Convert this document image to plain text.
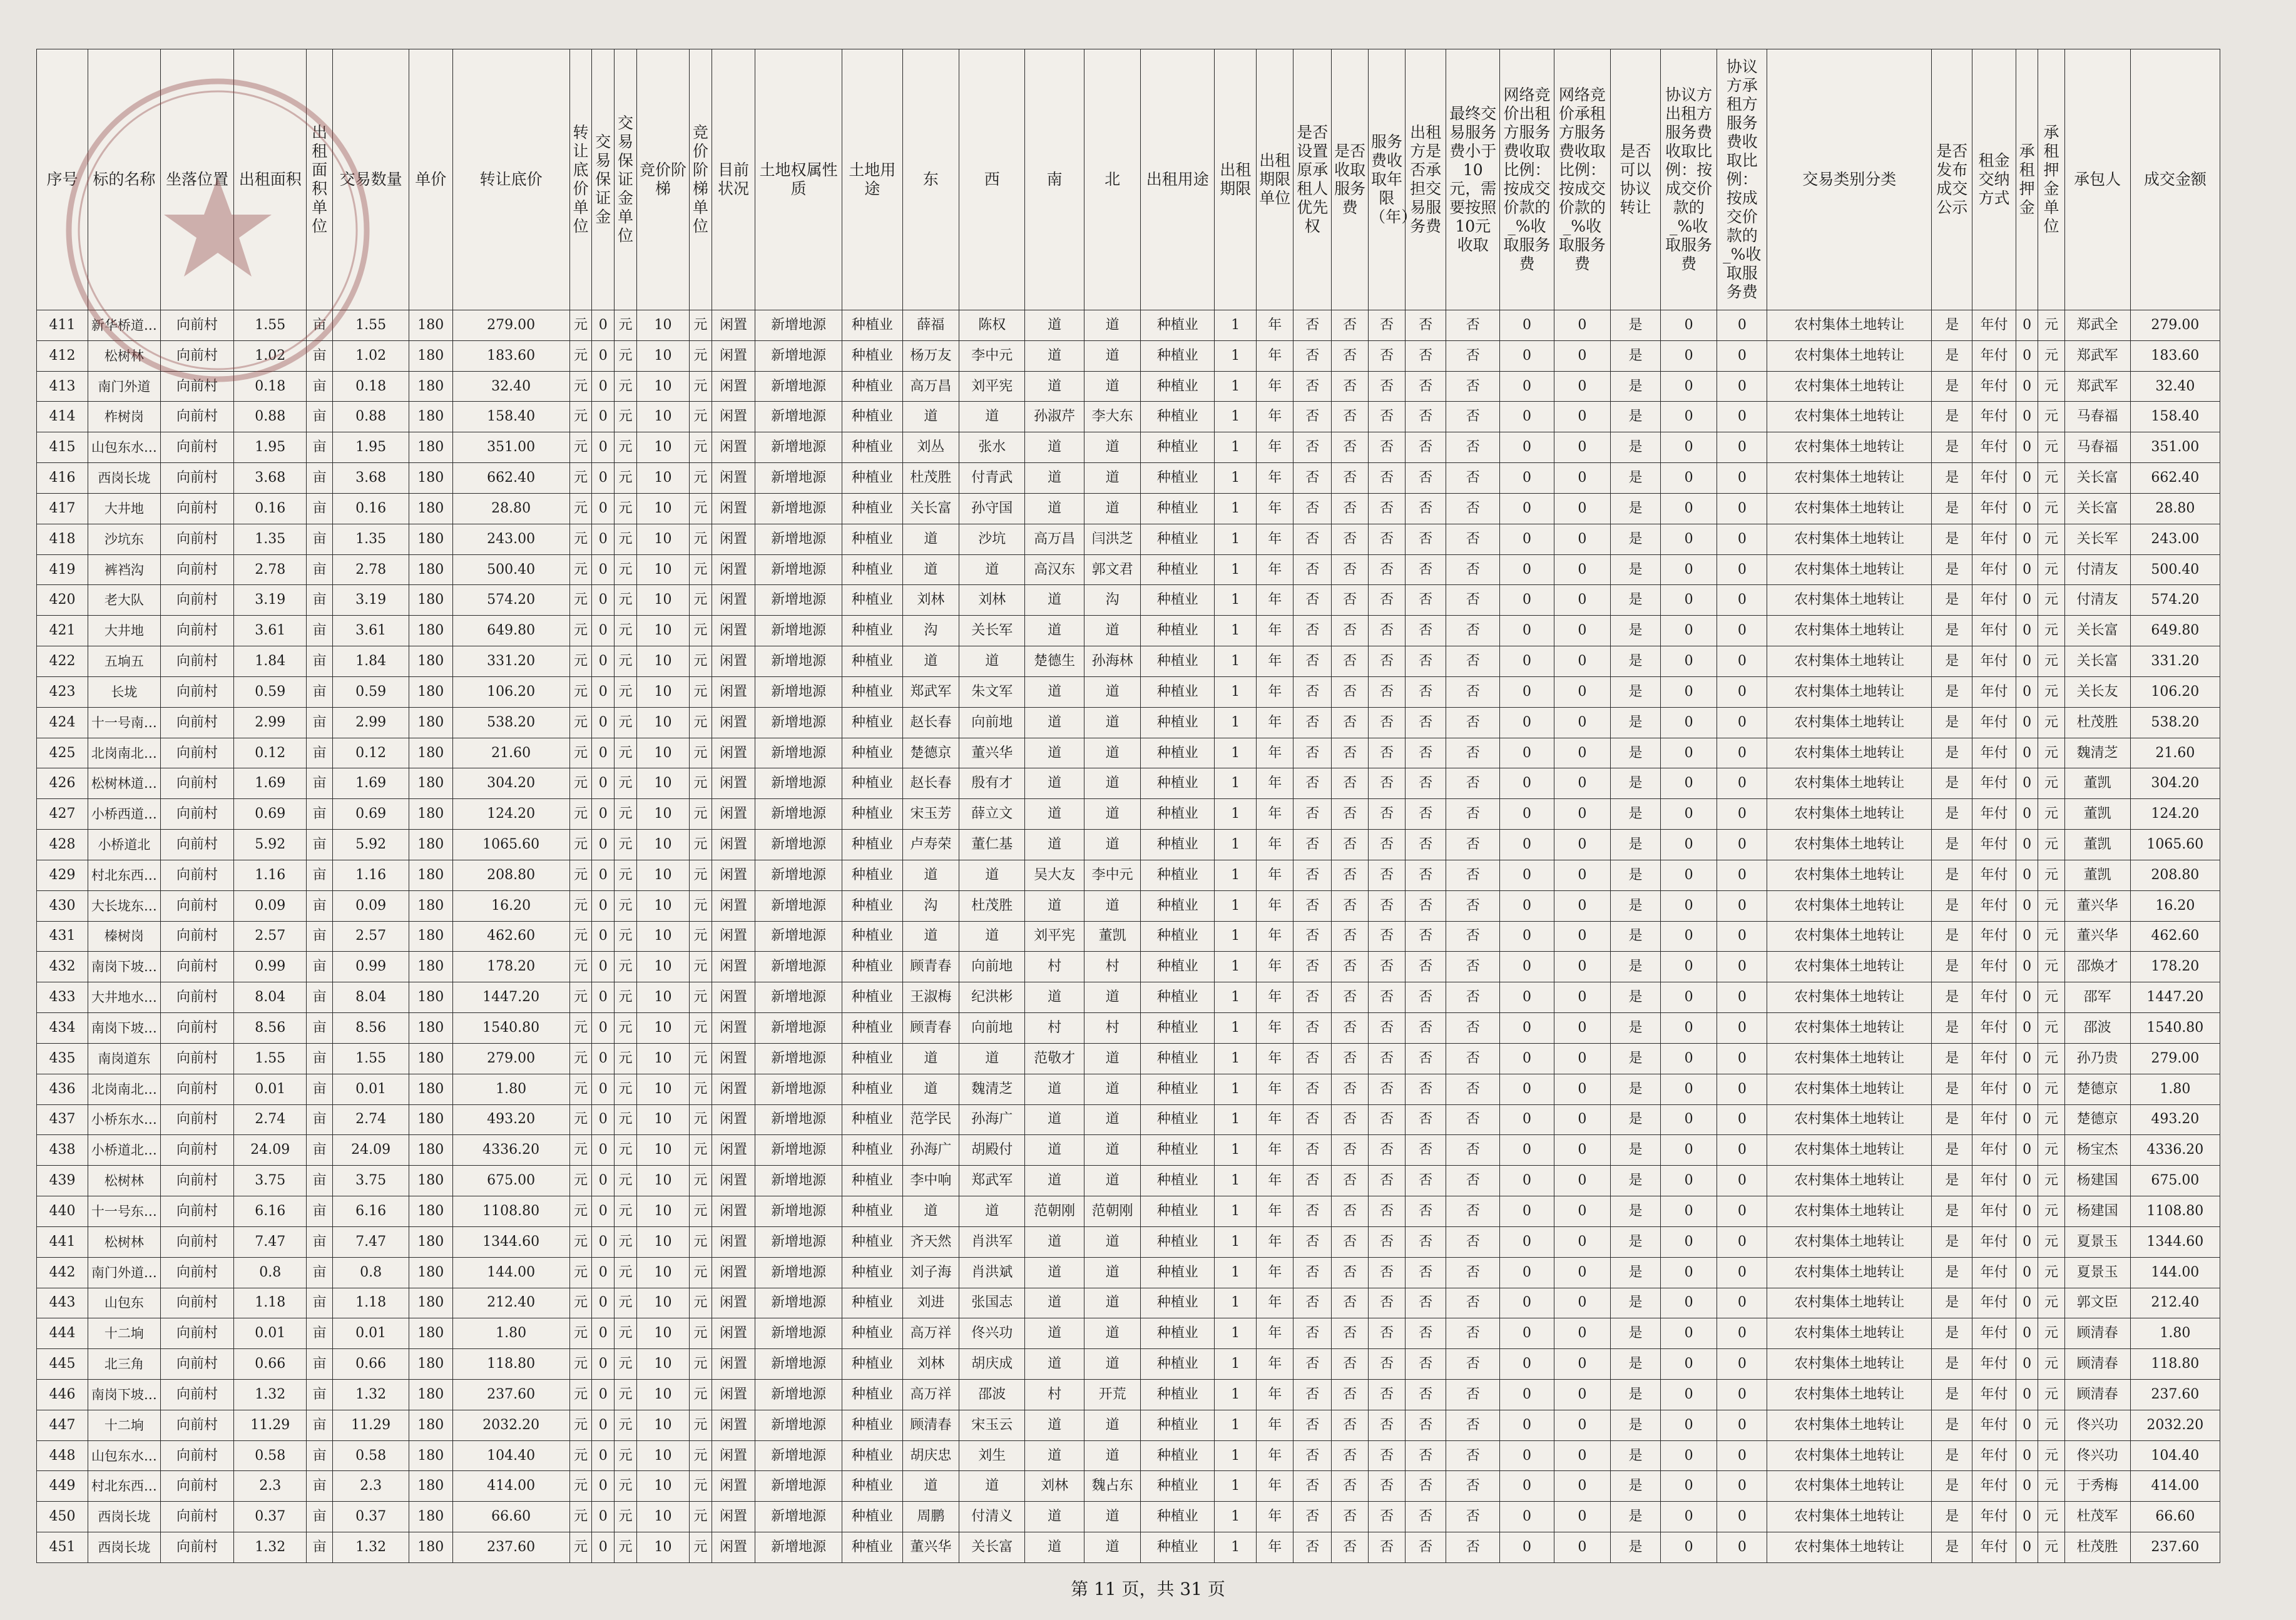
序号	标的名称	坐落位置	出租面积	出租面积单位	交易数量	单价	转让底价	转让底价单位	交易保证金	交易保证金单位	竞价阶梯	竞价阶梯单位	目前状况	土地权属性质	土地用途	东	西	南	北	出租用途	出租期限	出租期限单位	是否设置原承租人优先权	是否收取服务费	服务费收取年限（年）	出租方是否承担交易服务费	最终交易服务费小于10元，需要按照10元收取	网络竞价出租方服务费收取比例：按成交价款的_%收取服务费	网络竞价承租方服务费收取比例：按成交价款的_%收取服务费	是否可以协议转让	协议方出租方服务费收取比例：按成交价款的_%收取服务费	协议方承租方服务费收取比例：按成交价款的_%收取服务费	交易类别分类	是否发布成交公示	租金交纳方式	承租押金	承租押金单位	承包人	成交金额
411	新华桥道…	向前村	1.55	亩	1.55	180	279.00	元	0	元	10	元	闲置	新增地源	种植业	薛福	陈权	道	道	种植业	1	年	否	否	否	否	否	0	0	是	0	0	农村集体土地转让	是	年付	0	元	郑武全	279.00
412	松树林	向前村	1.02	亩	1.02	180	183.60	元	0	元	10	元	闲置	新增地源	种植业	杨万友	李中元	道	道	种植业	1	年	否	否	否	否	否	0	0	是	0	0	农村集体土地转让	是	年付	0	元	郑武军	183.60
413	南门外道	向前村	0.18	亩	0.18	180	32.40	元	0	元	10	元	闲置	新增地源	种植业	高万昌	刘平宪	道	道	种植业	1	年	否	否	否	否	否	0	0	是	0	0	农村集体土地转让	是	年付	0	元	郑武军	32.40
414	柞树岗	向前村	0.88	亩	0.88	180	158.40	元	0	元	10	元	闲置	新增地源	种植业	道	道	孙淑芹	李大东	种植业	1	年	否	否	否	否	否	0	0	是	0	0	农村集体土地转让	是	年付	0	元	马春福	158.40
415	山包东水…	向前村	1.95	亩	1.95	180	351.00	元	0	元	10	元	闲置	新增地源	种植业	刘丛	张水	道	道	种植业	1	年	否	否	否	否	否	0	0	是	0	0	农村集体土地转让	是	年付	0	元	马春福	351.00
416	西岗长垅	向前村	3.68	亩	3.68	180	662.40	元	0	元	10	元	闲置	新增地源	种植业	杜茂胜	付青武	道	道	种植业	1	年	否	否	否	否	否	0	0	是	0	0	农村集体土地转让	是	年付	0	元	关长富	662.40
417	大井地	向前村	0.16	亩	0.16	180	28.80	元	0	元	10	元	闲置	新增地源	种植业	关长富	孙守国	道	道	种植业	1	年	否	否	否	否	否	0	0	是	0	0	农村集体土地转让	是	年付	0	元	关长富	28.80
418	沙坑东	向前村	1.35	亩	1.35	180	243.00	元	0	元	10	元	闲置	新增地源	种植业	道	沙坑	高万昌	闫洪芝	种植业	1	年	否	否	否	否	否	0	0	是	0	0	农村集体土地转让	是	年付	0	元	关长军	243.00
419	裤裆沟	向前村	2.78	亩	2.78	180	500.40	元	0	元	10	元	闲置	新增地源	种植业	道	道	高汉东	郭文君	种植业	1	年	否	否	否	否	否	0	0	是	0	0	农村集体土地转让	是	年付	0	元	付清友	500.40
420	老大队	向前村	3.19	亩	3.19	180	574.20	元	0	元	10	元	闲置	新增地源	种植业	刘林	刘林	道	沟	种植业	1	年	否	否	否	否	否	0	0	是	0	0	农村集体土地转让	是	年付	0	元	付清友	574.20
421	大井地	向前村	3.61	亩	3.61	180	649.80	元	0	元	10	元	闲置	新增地源	种植业	沟	关长军	道	道	种植业	1	年	否	否	否	否	否	0	0	是	0	0	农村集体土地转让	是	年付	0	元	关长富	649.80
422	五垧五	向前村	1.84	亩	1.84	180	331.20	元	0	元	10	元	闲置	新增地源	种植业	道	道	楚德生	孙海林	种植业	1	年	否	否	否	否	否	0	0	是	0	0	农村集体土地转让	是	年付	0	元	关长富	331.20
423	长垅	向前村	0.59	亩	0.59	180	106.20	元	0	元	10	元	闲置	新增地源	种植业	郑武军	朱文军	道	道	种植业	1	年	否	否	否	否	否	0	0	是	0	0	农村集体土地转让	是	年付	0	元	关长友	106.20
424	十一号南…	向前村	2.99	亩	2.99	180	538.20	元	0	元	10	元	闲置	新增地源	种植业	赵长春	向前地	道	道	种植业	1	年	否	否	否	否	否	0	0	是	0	0	农村集体土地转让	是	年付	0	元	杜茂胜	538.20
425	北岗南北…	向前村	0.12	亩	0.12	180	21.60	元	0	元	10	元	闲置	新增地源	种植业	楚德京	董兴华	道	道	种植业	1	年	否	否	否	否	否	0	0	是	0	0	农村集体土地转让	是	年付	0	元	魏清芝	21.60
426	松树林道…	向前村	1.69	亩	1.69	180	304.20	元	0	元	10	元	闲置	新增地源	种植业	赵长春	殷有才	道	道	种植业	1	年	否	否	否	否	否	0	0	是	0	0	农村集体土地转让	是	年付	0	元	董凯	304.20
427	小桥西道…	向前村	0.69	亩	0.69	180	124.20	元	0	元	10	元	闲置	新增地源	种植业	宋玉芳	薛立文	道	道	种植业	1	年	否	否	否	否	否	0	0	是	0	0	农村集体土地转让	是	年付	0	元	董凯	124.20
428	小桥道北	向前村	5.92	亩	5.92	180	1065.60	元	0	元	10	元	闲置	新增地源	种植业	卢寿荣	董仁基	道	道	种植业	1	年	否	否	否	否	否	0	0	是	0	0	农村集体土地转让	是	年付	0	元	董凯	1065.60
429	村北东西…	向前村	1.16	亩	1.16	180	208.80	元	0	元	10	元	闲置	新增地源	种植业	道	道	吴大友	李中元	种植业	1	年	否	否	否	否	否	0	0	是	0	0	农村集体土地转让	是	年付	0	元	董凯	208.80
430	大长垅东…	向前村	0.09	亩	0.09	180	16.20	元	0	元	10	元	闲置	新增地源	种植业	沟	杜茂胜	道	道	种植业	1	年	否	否	否	否	否	0	0	是	0	0	农村集体土地转让	是	年付	0	元	董兴华	16.20
431	榛树岗	向前村	2.57	亩	2.57	180	462.60	元	0	元	10	元	闲置	新增地源	种植业	道	道	刘平宪	董凯	种植业	1	年	否	否	否	否	否	0	0	是	0	0	农村集体土地转让	是	年付	0	元	董兴华	462.60
432	南岗下坡…	向前村	0.99	亩	0.99	180	178.20	元	0	元	10	元	闲置	新增地源	种植业	顾青春	向前地	村	村	种植业	1	年	否	否	否	否	否	0	0	是	0	0	农村集体土地转让	是	年付	0	元	邵焕才	178.20
433	大井地水…	向前村	8.04	亩	8.04	180	1447.20	元	0	元	10	元	闲置	新增地源	种植业	王淑梅	纪洪彬	道	道	种植业	1	年	否	否	否	否	否	0	0	是	0	0	农村集体土地转让	是	年付	0	元	邵军	1447.20
434	南岗下坡…	向前村	8.56	亩	8.56	180	1540.80	元	0	元	10	元	闲置	新增地源	种植业	顾青春	向前地	村	村	种植业	1	年	否	否	否	否	否	0	0	是	0	0	农村集体土地转让	是	年付	0	元	邵波	1540.80
435	南岗道东	向前村	1.55	亩	1.55	180	279.00	元	0	元	10	元	闲置	新增地源	种植业	道	道	范敬才	道	种植业	1	年	否	否	否	否	否	0	0	是	0	0	农村集体土地转让	是	年付	0	元	孙乃贵	279.00
436	北岗南北…	向前村	0.01	亩	0.01	180	1.80	元	0	元	10	元	闲置	新增地源	种植业	道	魏清芝	道	道	种植业	1	年	否	否	否	否	否	0	0	是	0	0	农村集体土地转让	是	年付	0	元	楚德京	1.80
437	小桥东水…	向前村	2.74	亩	2.74	180	493.20	元	0	元	10	元	闲置	新增地源	种植业	范学民	孙海广	道	道	种植业	1	年	否	否	否	否	否	0	0	是	0	0	农村集体土地转让	是	年付	0	元	楚德京	493.20
438	小桥道北…	向前村	24.09	亩	24.09	180	4336.20	元	0	元	10	元	闲置	新增地源	种植业	孙海广	胡殿付	道	道	种植业	1	年	否	否	否	否	否	0	0	是	0	0	农村集体土地转让	是	年付	0	元	杨宝杰	4336.20
439	松树林	向前村	3.75	亩	3.75	180	675.00	元	0	元	10	元	闲置	新增地源	种植业	李中响	郑武军	道	道	种植业	1	年	否	否	否	否	否	0	0	是	0	0	农村集体土地转让	是	年付	0	元	杨建国	675.00
440	十一号东…	向前村	6.16	亩	6.16	180	1108.80	元	0	元	10	元	闲置	新增地源	种植业	道	道	范朝刚	范朝刚	种植业	1	年	否	否	否	否	否	0	0	是	0	0	农村集体土地转让	是	年付	0	元	杨建国	1108.80
441	松树林	向前村	7.47	亩	7.47	180	1344.60	元	0	元	10	元	闲置	新增地源	种植业	齐天然	肖洪军	道	道	种植业	1	年	否	否	否	否	否	0	0	是	0	0	农村集体土地转让	是	年付	0	元	夏景玉	1344.60
442	南门外道…	向前村	0.8	亩	0.8	180	144.00	元	0	元	10	元	闲置	新增地源	种植业	刘子海	肖洪斌	道	道	种植业	1	年	否	否	否	否	否	0	0	是	0	0	农村集体土地转让	是	年付	0	元	夏景玉	144.00
443	山包东	向前村	1.18	亩	1.18	180	212.40	元	0	元	10	元	闲置	新增地源	种植业	刘进	张国志	道	道	种植业	1	年	否	否	否	否	否	0	0	是	0	0	农村集体土地转让	是	年付	0	元	郭文臣	212.40
444	十二垧	向前村	0.01	亩	0.01	180	1.80	元	0	元	10	元	闲置	新增地源	种植业	高万祥	佟兴功	道	道	种植业	1	年	否	否	否	否	否	0	0	是	0	0	农村集体土地转让	是	年付	0	元	顾清春	1.80
445	北三角	向前村	0.66	亩	0.66	180	118.80	元	0	元	10	元	闲置	新增地源	种植业	刘林	胡庆成	道	道	种植业	1	年	否	否	否	否	否	0	0	是	0	0	农村集体土地转让	是	年付	0	元	顾清春	118.80
446	南岗下坡…	向前村	1.32	亩	1.32	180	237.60	元	0	元	10	元	闲置	新增地源	种植业	高万祥	邵波	村	开荒	种植业	1	年	否	否	否	否	否	0	0	是	0	0	农村集体土地转让	是	年付	0	元	顾清春	237.60
447	十二垧	向前村	11.29	亩	11.29	180	2032.20	元	0	元	10	元	闲置	新增地源	种植业	顾清春	宋玉云	道	道	种植业	1	年	否	否	否	否	否	0	0	是	0	0	农村集体土地转让	是	年付	0	元	佟兴功	2032.20
448	山包东水…	向前村	0.58	亩	0.58	180	104.40	元	0	元	10	元	闲置	新增地源	种植业	胡庆忠	刘生	道	道	种植业	1	年	否	否	否	否	否	0	0	是	0	0	农村集体土地转让	是	年付	0	元	佟兴功	104.40
449	村北东西…	向前村	2.3	亩	2.3	180	414.00	元	0	元	10	元	闲置	新增地源	种植业	道	道	刘林	魏占东	种植业	1	年	否	否	否	否	否	0	0	是	0	0	农村集体土地转让	是	年付	0	元	于秀梅	414.00
450	西岗长垅	向前村	0.37	亩	0.37	180	66.60	元	0	元	10	元	闲置	新增地源	种植业	周鹏	付清义	道	道	种植业	1	年	否	否	否	否	否	0	0	是	0	0	农村集体土地转让	是	年付	0	元	杜茂军	66.60
451	西岗长垅	向前村	1.32	亩	1.32	180	237.60	元	0	元	10	元	闲置	新增地源	种植业	董兴华	关长富	道	道	种植业	1	年	否	否	否	否	否	0	0	是	0	0	农村集体土地转让	是	年付	0	元	杜茂胜	237.60
第 11 页，共 31 页
